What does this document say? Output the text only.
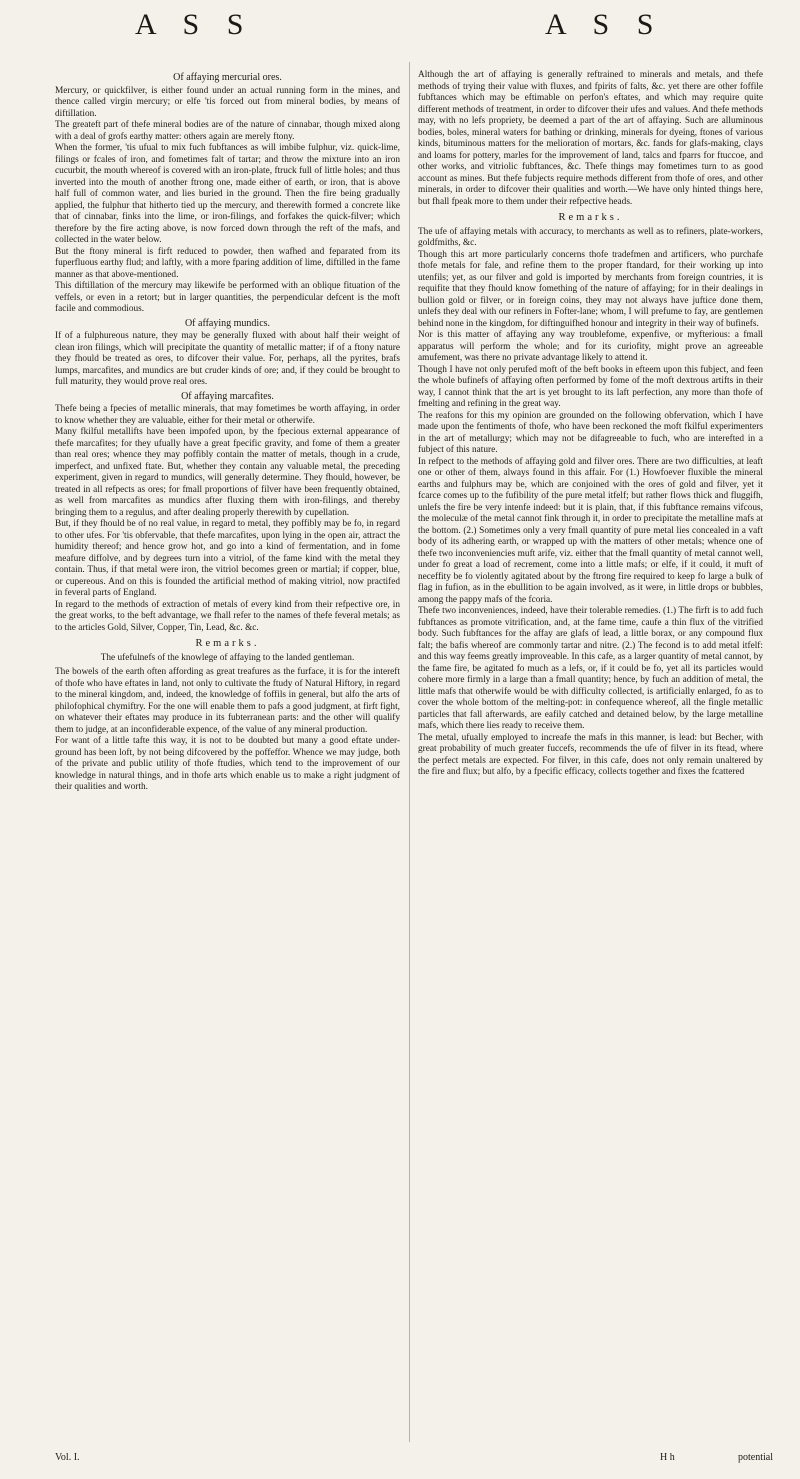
A S S	A S S

Of affaying mercurial ores.

Mercury, or quickfilver, is either found under an actual running form in the mines, and thence called virgin mercury; or elfe 'tis forced out from mineral bodies, by means of diftillation.

The greateft part of thefe mineral bodies are of the nature of cinnabar, though mixed along with a deal of grofs earthy matter: others again are merely ftony.

When the former, 'tis ufual to mix fuch fubftances as will imbibe fulphur, viz. quick-lime, filings or fcales of iron, and fometimes falt of tartar; and throw the mixture into an iron cucurbit, the mouth whereof is covered with an iron-plate, ftruck full of little holes; and thus inverted into the mouth of another ftrong one, made either of earth, or iron, that is above half full of common water, and lies buried in the ground. Then the fire being gradually applied, the fulphur that hitherto tied up the mercury, and therewith formed a concrete like that of cinnabar, finks into the lime, or iron-filings, and forfakes the quick-filver; which therefore by the fire acting above, is now forced down through the reft of the mafs, and collected in the water below.

But the ftony mineral is firft reduced to powder, then wafhed and feparated from its fuperfluous earthy flud; and laftly, with a more fparing addition of lime, diftilled in the fame manner as that above-mentioned.

This diftillation of the mercury may likewife be performed with an oblique fituation of the veffels, or even in a retort; but in larger quantities, the perpendicular defcent is the moft facile and commodious.

Of affaying mundics.

If of a fulphureous nature, they may be generally fluxed with about half their weight of clean iron filings, which will precipitate the quantity of metallic matter; if of a ftony nature they fhould be treated as ores, to difcover their value. For, perhaps, all the pyrites, brafs lumps, marcafites, and mundics are but cruder kinds of ore; and, if they could be brought to full maturity, they would prove real ores.

Of affaying marcafites.

Thefe being a fpecies of metallic minerals, that may fometimes be worth affaying, in order to know whether they are valuable, either for their metal or otherwife.

Many fkilful metallifts have been impofed upon, by the fpecious external appearance of thefe marcafites; for they ufually have a great fpecific gravity, and fome of them a greater than real ores; whence they may poffibly contain the matter of metals, though in a crude, imperfect, and unfixed ftate. But, whether they contain any valuable metal, the preceding experiment, given in regard to mundics, will generally determine. They fhould, however, be treated in all refpects as ores; for fmall proportions of filver have been frequently obtained, as well from marcafites as mundics after fluxing them with iron-filings, and thereby bringing them to a regulus, and after dealing properly therewith by cupellation.

But, if they fhould be of no real value, in regard to metal, they poffibly may be fo, in regard to other ufes. For 'tis obfervable, that thefe marcafites, upon lying in the open air, attract the humidity thereof; and hence grow hot, and go into a kind of fermentation, and in fome meafure diffolve, and by degrees turn into a vitriol, of the fame kind with the metal they contain. Thus, if that metal were iron, the vitriol becomes green or martial; if copper, blue, or cupereous. And on this is founded the artificial method of making vitriol, now practifed in feveral parts of England.

In regard to the methods of extraction of metals of every kind from their refpective ore, in the great works, to the beft advantage, we fhall refer to the names of thefe feveral metals; as to the articles Gold, Silver, Copper, Tin, Lead, &c. &c.

Remarks.

The ufefulnefs of the knowlege of affaying to the landed gentleman.

The bowels of the earth often affording as great treafures as the furface, it is for the intereft of thofe who have eftates in land, not only to cultivate the ftudy of Natural Hiftory, in regard to the mineral kingdom, and, indeed, the knowledge of foffils in general, but alfo the arts of philofophical chymiftry. For the one will enable them to pafs a good judgment, at firft fight, on whatever their eftates may produce in its fubterranean parts: and the other will qualify them to judge, at an inconfiderable expence, of the value of any mineral production.

For want of a little tafte this way, it is not to be doubted but many a good eftate under-ground has been loft, by not being difcovered by the poffeffor. Whence we may judge, both of the private and public utility of thofe ftudies, which tend to the improvement of our knowledge in natural things, and in thofe arts which enable us to make a right judgment of their qualities and worth.

Although the art of affaying is generally reftrained to minerals and metals, and thefe methods of trying their value with fluxes, and fpirits of falts, &c. yet there are other foffile fubftances which may be eftimable on perfon's eftates, and which may require quite different methods of treatment, in order to difcover their ufes and values. And thefe methods may, with no lefs propriety, be deemed a part of the art of affaying. Such are alluminous bodies, boles, mineral waters for bathing or drinking, minerals for dyeing, ftones of various kinds, bituminous matters for the melioration of mortars, &c. fands for glafs-making, clays and loams for pottery, marles for the improvement of land, talcs and fparrs for ftuccoe, and other works, and vitriolic fubftances, &c. Thefe things may fometimes turn to as good account as mines. But thefe fubjects require methods different from thofe of ores, and other minerals, in order to difcover their qualities and worth.—We have only hinted things here, but fhall fpeak more to them under their refpective heads.

Remarks.

The ufe of affaying metals with accuracy, to merchants as well as to refiners, plate-workers, goldfmiths, &c.

Though this art more particularly concerns thofe tradefmen and artificers, who purchafe thofe metals for fale, and refine them to the proper ftandard, for their working up into utenfils; yet, as our filver and gold is imported by merchants from foreign countries, it is requifite that they fhould know fomething of the nature of affaying; for in their dealings in bullion gold or filver, or in foreign coins, they may not always have juftice done them, unlefs they deal with our refiners in Fofter-lane; whom, I will prefume to fay, are gentlemen behind none in the kingdom, for diftinguifhed honour and integrity in their way of bufinefs.

Nor is this matter of affaying any way troublefome, expenfive, or myfterious: a fmall apparatus will perform the whole; and for its curiofity, might prove an agreeable amufement, was there no private advantage likely to attend it.

Though I have not only perufed moft of the beft books in efteem upon this fubject, and feen the whole bufinefs of affaying often performed by fome of the moft dextrous artifts in their way, I cannot think that the art is yet brought to its laft perfection, any more than thofe of fmelting and refining in the great way.

The reafons for this my opinion are grounded on the following obfervation, which I have made upon the fentiments of thofe, who have been reckoned the moft fkilful experimenters in the art of metallurgy; which may not be difagreeable to fuch, who are interefted in a fubject of this nature.

In refpect to the methods of affaying gold and filver ores. There are two difficulties, at leaft one or other of them, always found in this affair. For (1.) Howfoever fluxible the mineral earths and fulphurs may be, which are conjoined with the ores of gold and filver, yet it fcarce comes up to the fufibility of the pure metal itfelf; but rather flows thick and fluggifh, unlefs the fire be very intenfe indeed: but it is plain, that, if this fubftance remains vifcous, the moleculæ of the metal cannot fink through it, in order to precipitate the metalline mafs at the bottom. (2.) Sometimes only a very fmall quantity of pure metal lies concealed in a vaft body of its adhering earth, or wrapped up with the matters of other metals; whence one of thefe two inconveniencies muft arife, viz. either that the fmall quantity of metal cannot well, under fo great a load of recrement, come into a little mafs; or elfe, if it could, it muft of neceffity be fo violently agitated about by the ftrong fire required to keep fo large a bulk of flag in fufion, as in the ebullition to be again involved, as it were, in little drops or bubbles, among the pappy mafs of the fcoria.

Thefe two inconveniences, indeed, have their tolerable remedies. (1.) The firft is to add fuch fubftances as promote vitrification, and, at the fame time, caufe a thin flux of the vitrified body. Such fubftances for the affay are glafs of lead, a little borax, or any compound flux falt; the bafis whereof are commonly tartar and nitre. (2.) The fecond is to add metal itfelf: and this way feems greatly improveable. In this cafe, as a larger quantity of metal cannot, by the fame fire, be agitated fo much as a lefs, or, if it could be fo, yet all its particles would cohere more firmly in a large than a fmall quantity; hence, by fuch an addition of metal, the little mafs that otherwife would be with difficulty collected, is artificially enlarged, fo as to cover the whole bottom of the melting-pot: in confequence whereof, all the fingle metallic particles that fall afterwards, are eafily catched and detained below, by the large metalline mafs, which there lies ready to receive them.

The metal, ufually employed to increafe the mafs in this manner, is lead: but Becher, with great probability of much greater fuccefs, recommends the ufe of filver in its ftead, where the perfect metals are expected. For filver, in this cafe, does not only remain unaltered by the fire and flux; but alfo, by a fpecific efficacy, collects together and fixes the fcattered

Vol. I.	H h	potential
